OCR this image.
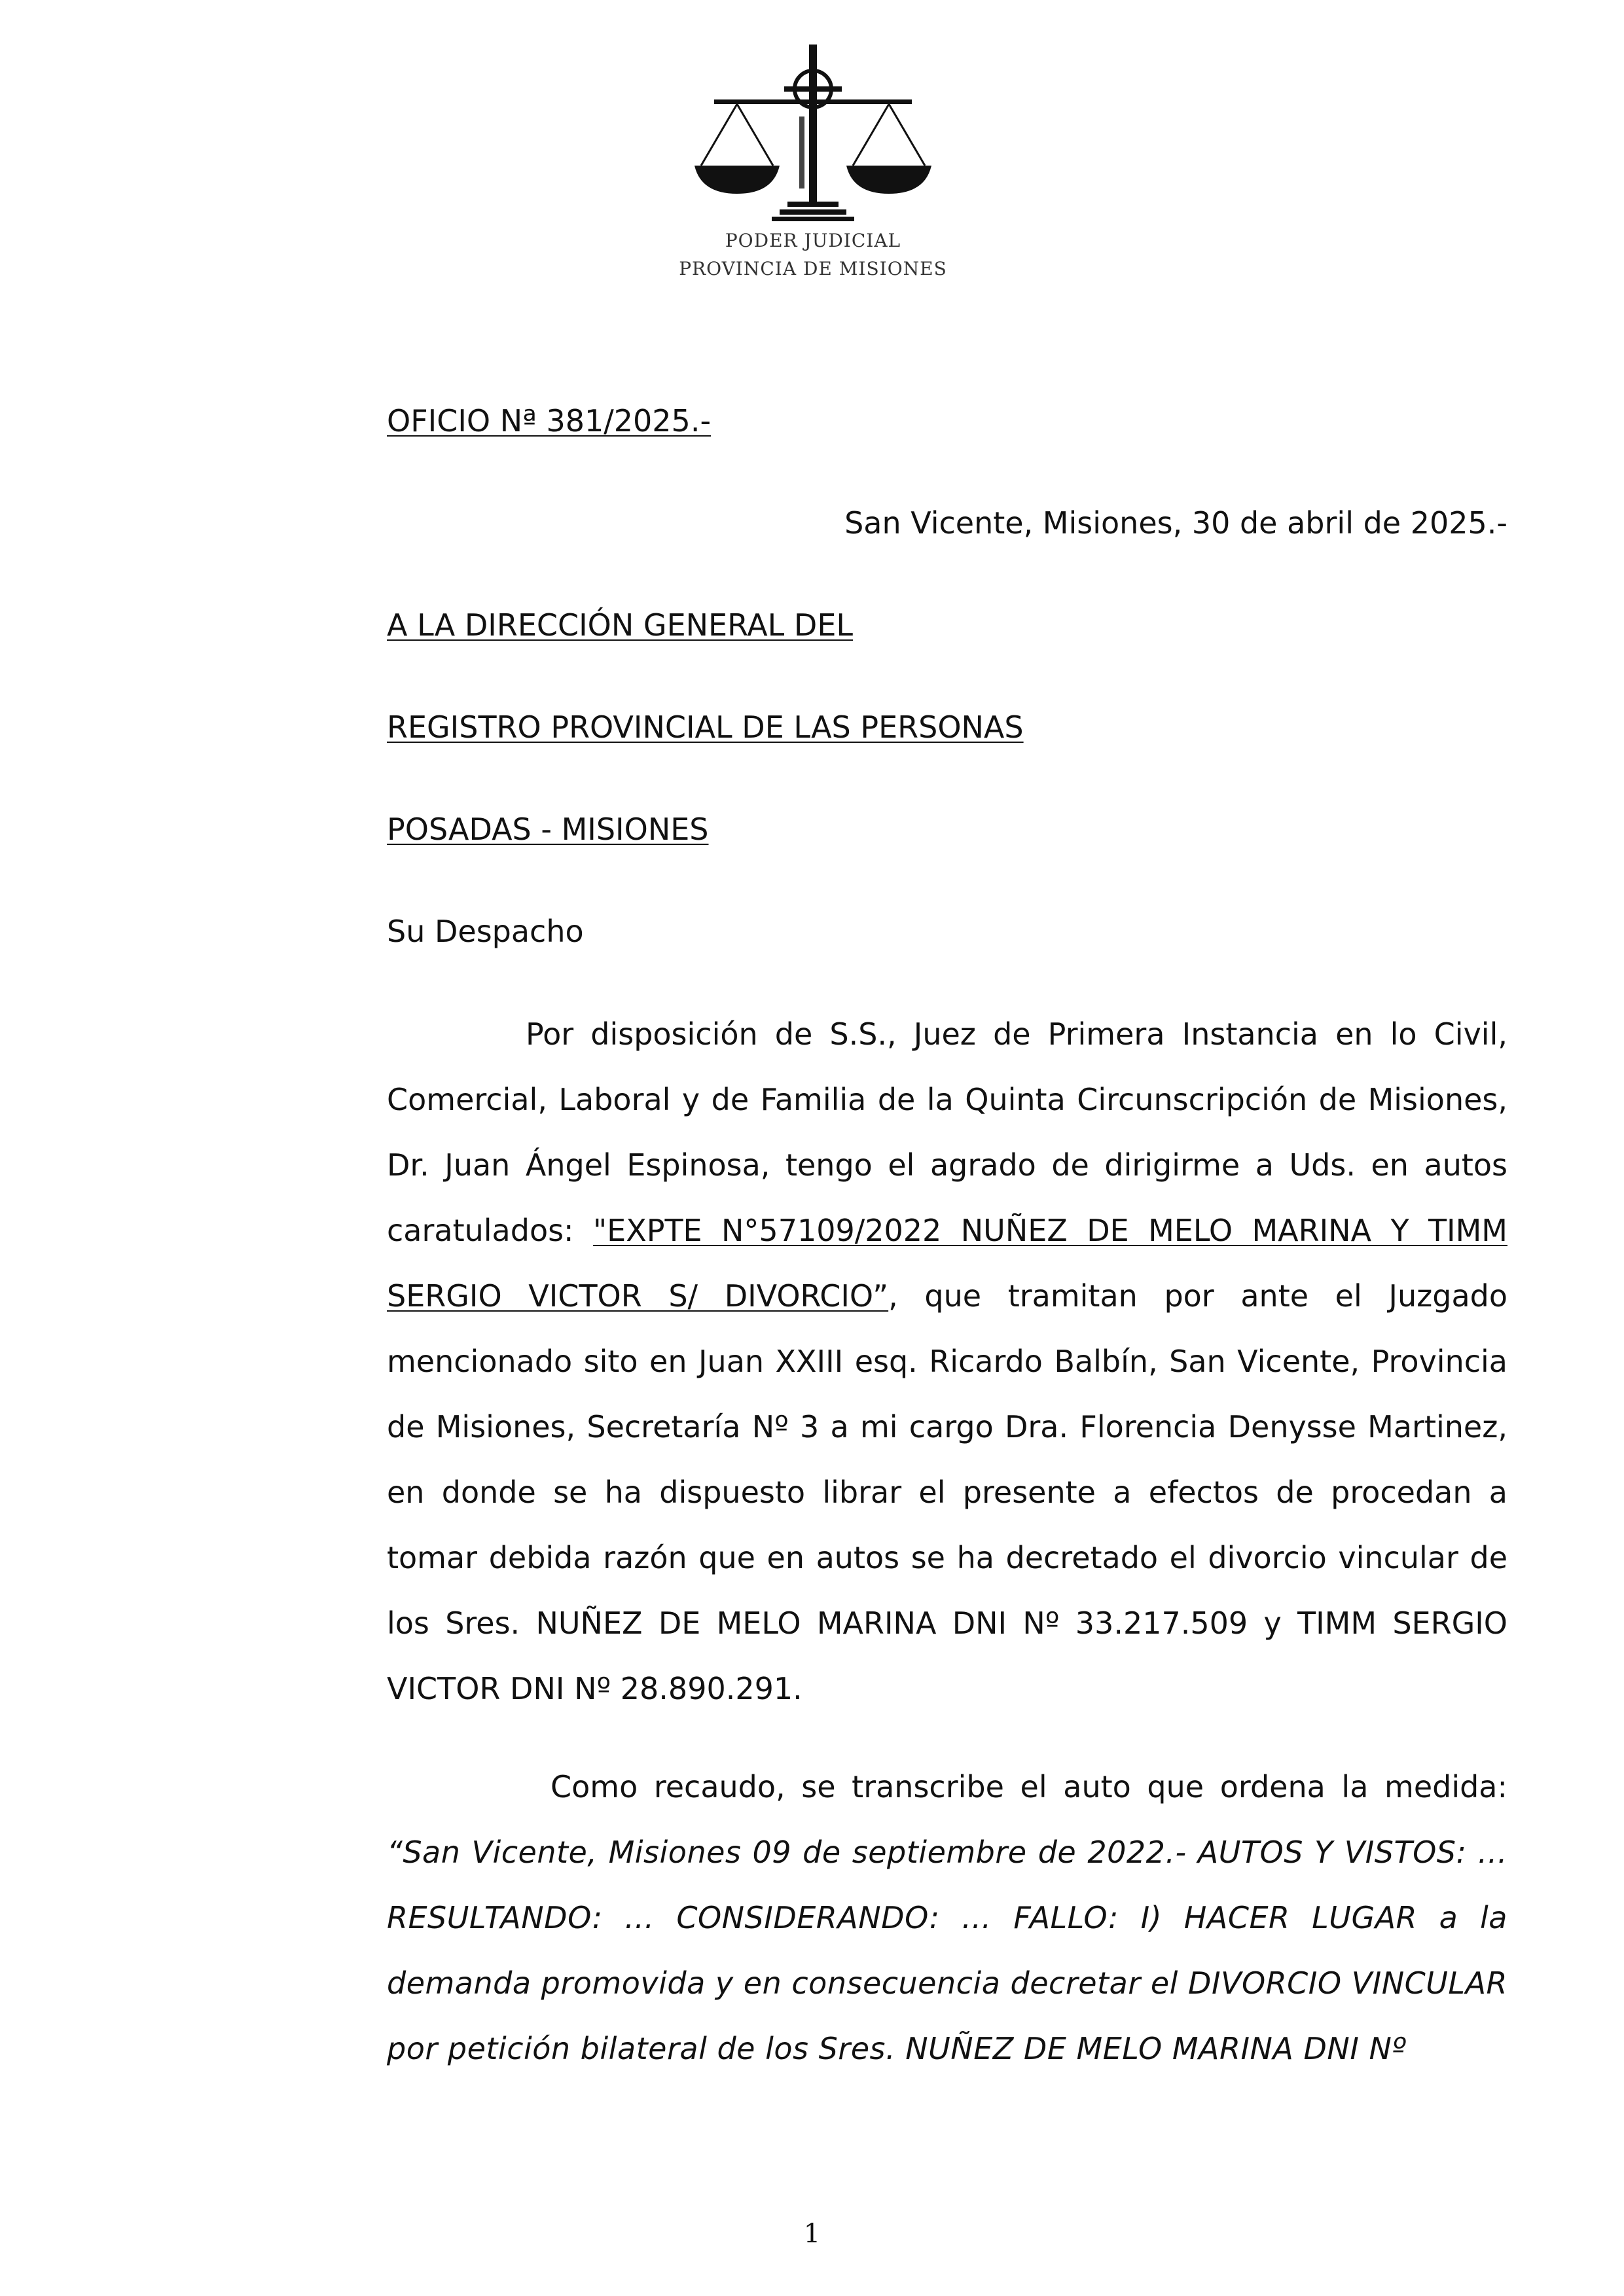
PODER JUDICIAL
PROVINCIA DE MISIONES
OFICIO Nª 381/2025.-
San Vicente, Misiones, 30 de abril de 2025.-
A LA DIRECCIÓN GENERAL DEL
REGISTRO PROVINCIAL DE LAS PERSONAS
POSADAS - MISIONES
Su Despacho

Por disposición de S.S., Juez de Primera Instancia en lo Civil, Comercial, Laboral y de Familia de la Quinta Circunscripción de Misiones, Dr. Juan Ángel Espinosa, tengo el agrado de dirigirme a Uds. en autos caratulados: "EXPTE N°57109/2022 NUÑEZ DE MELO MARINA Y TIMM SERGIO VICTOR S/ DIVORCIO”, que tramitan por ante el Juzgado mencionado sito en Juan XXIII esq. Ricardo Balbín, San Vicente, Provincia de Misiones, Secretaría Nº 3 a mi cargo Dra. Florencia Denysse Martinez, en donde se ha dispuesto librar el presente a efectos de procedan a tomar debida razón que en autos se ha decretado el divorcio vincular de los Sres. NUÑEZ DE MELO MARINA DNI Nº 33.217.509 y TIMM SERGIO VICTOR DNI Nº 28.890.291.

Como recaudo, se transcribe el auto que ordena la medida: “San Vicente, Misiones 09 de septiembre de 2022.- AUTOS Y VISTOS: ... RESULTANDO: ... CONSIDERANDO: ... FALLO: I) HACER LUGAR a la demanda promovida y en consecuencia decretar el DIVORCIO VINCULAR por petición bilateral de los Sres. NUÑEZ DE MELO MARINA DNI Nº

1
